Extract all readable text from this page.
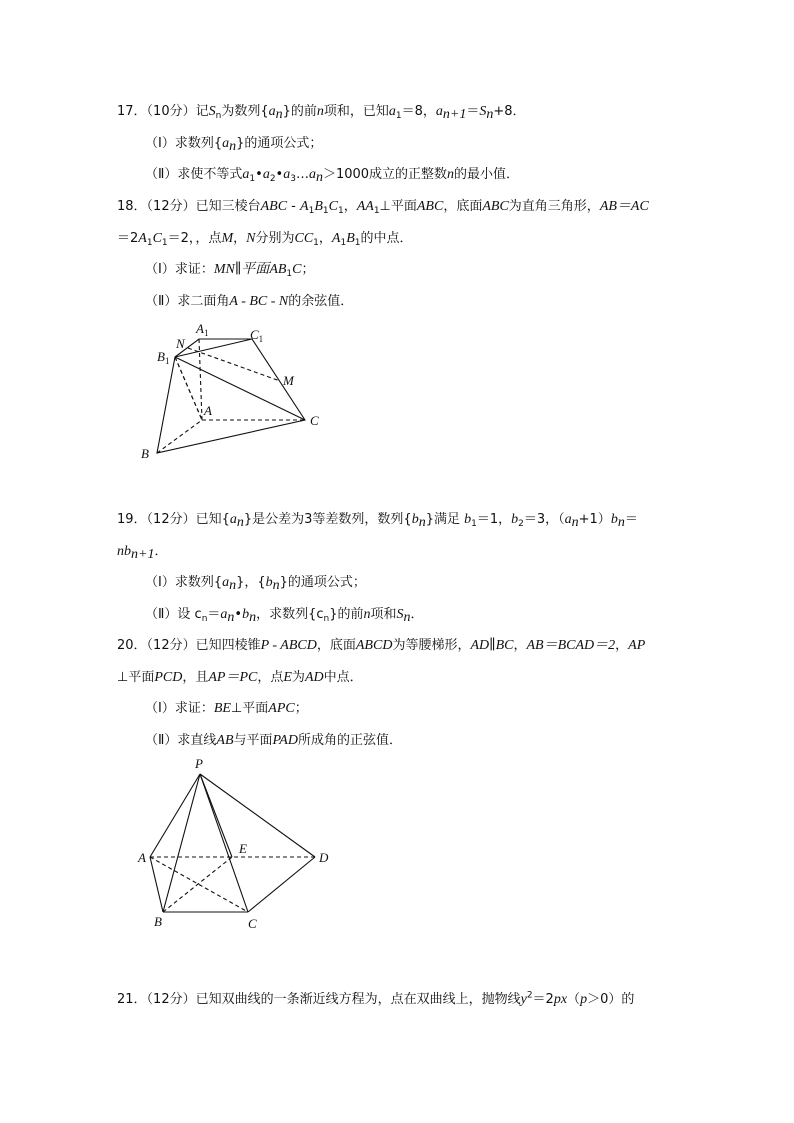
17．（10分）记$S_n$为数列$\{a_n\}$的前n项和，已知$a_1=8$，$a_{n+1}=S_n+8$．
（Ⅰ）求数列$\{a_n\}$的通项公式；
（Ⅱ）求使不等式$a_1•a_2•a_3\dots a_n>1000$成立的正整数n的最小值．
18．（12分）已知三棱台ABC - $A_1B_1C_1$，$AA_1\perp$平面ABC，底面ABC为直角三角形，AB＝AC
$=2A_1C_1=2$，，点M，N分别为$CC_1$，$A_1B_1$的中点．
（Ⅰ）求证：MN∥平面$AB_1C$；
（Ⅱ）求二面角A - BC - N的余弦值．
$A_1$	$C_1$
N
$B_1$
M
A
C
B
19．（12分）已知$\{a_n\}$是公差为3等差数列，数列$\{b_n\}$满足 $b_1=1$，$b_2=3$，$(a_n+1)b_n=$
$nb_{n+1}$．
（Ⅰ）求数列$\{a_n\}$，$\{b_n\}$的通项公式；
（Ⅱ）设 $c_n=a_n•b_n$，求数列$\{c_n\}$的前n项和$S_n$．
20．（12分）已知四棱锥P - ABCD，底面ABCD为等腰梯形，AD∥BC，AB＝BCAD＝2，AP
⊥平面PCD，且AP＝PC，点E为AD中点．
（Ⅰ）求证：BE⊥平面APC；
（Ⅱ）求直线AB与平面PAD所成角的正弦值．
P
A
E
D
B	C
21．（12分）已知双曲线的一条渐近线方程为，点在双曲线上，抛物线$y^2=2px(p>0)$的
